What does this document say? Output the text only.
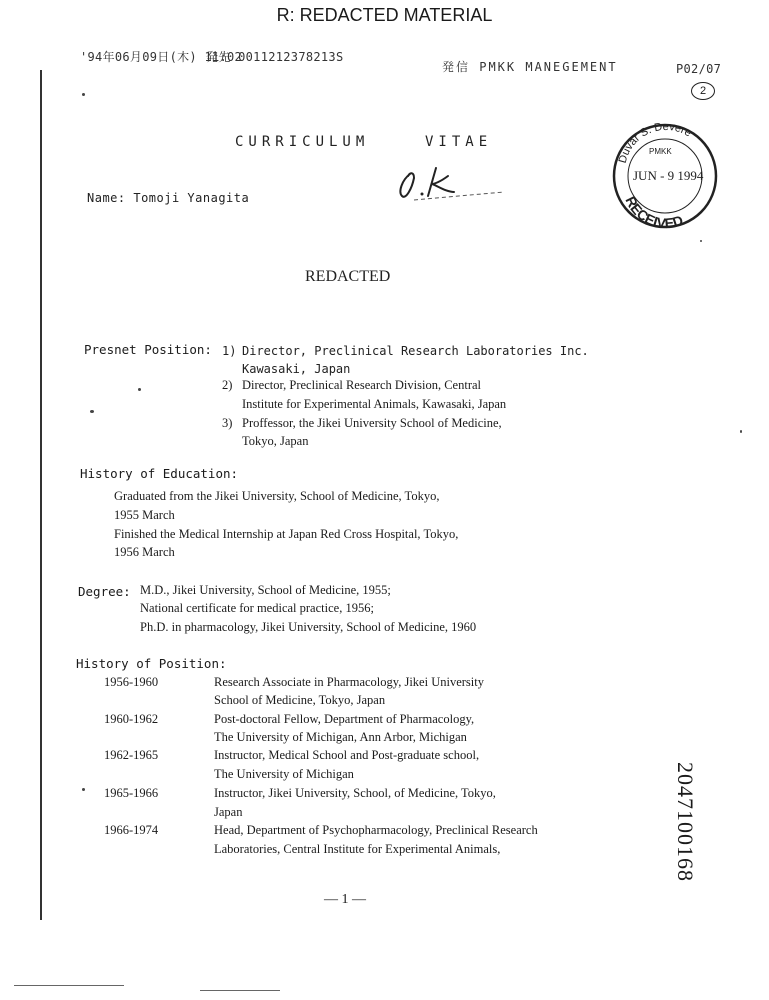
R: REDACTED MATERIAL
'94年06月09日(木) 11:02
発先 0011212378213S
発信 PMKK MANEGEMENT	P02/07
2
CURRICULUM	VITAE
Name: Tomoji Yanagita
Duvar S. Devere
PMKK
JUN - 9 1994
RECEIVED
REDACTED
Presnet Position: 1) Director, Preclinical Research Laboratories Inc.
Kawasaki, Japan
2) Director, Preclinical Research Division, Central
Institute for Experimental Animals, Kawasaki, Japan
3) Proffessor, the Jikei University School of Medicine,
Tokyo, Japan
History of Education:
Graduated from the Jikei University, School of Medicine, Tokyo,
1955 March
Finished the Medical Internship at Japan Red Cross Hospital, Tokyo,
1956 March
Degree: M.D., Jikei University, School of Medicine, 1955;
National certificate for medical practice, 1956;
Ph.D. in pharmacology, Jikei University, School of Medicine, 1960
History of Position:
1956-1960	Research Associate in Pharmacology, Jikei University
School of Medicine, Tokyo, Japan
1960-1962	Post-doctoral Fellow, Department of Pharmacology,
The University of Michigan, Ann Arbor, Michigan
1962-1965	Instructor, Medical School and Post-graduate school,
The University of Michigan
1965-1966	Instructor, Jikei University, School, of Medicine, Tokyo,
Japan
1966-1974	Head, Department of Psychopharmacology, Preclinical Research
Laboratories, Central Institute for Experimental Animals,
— 1 —
2047100168
